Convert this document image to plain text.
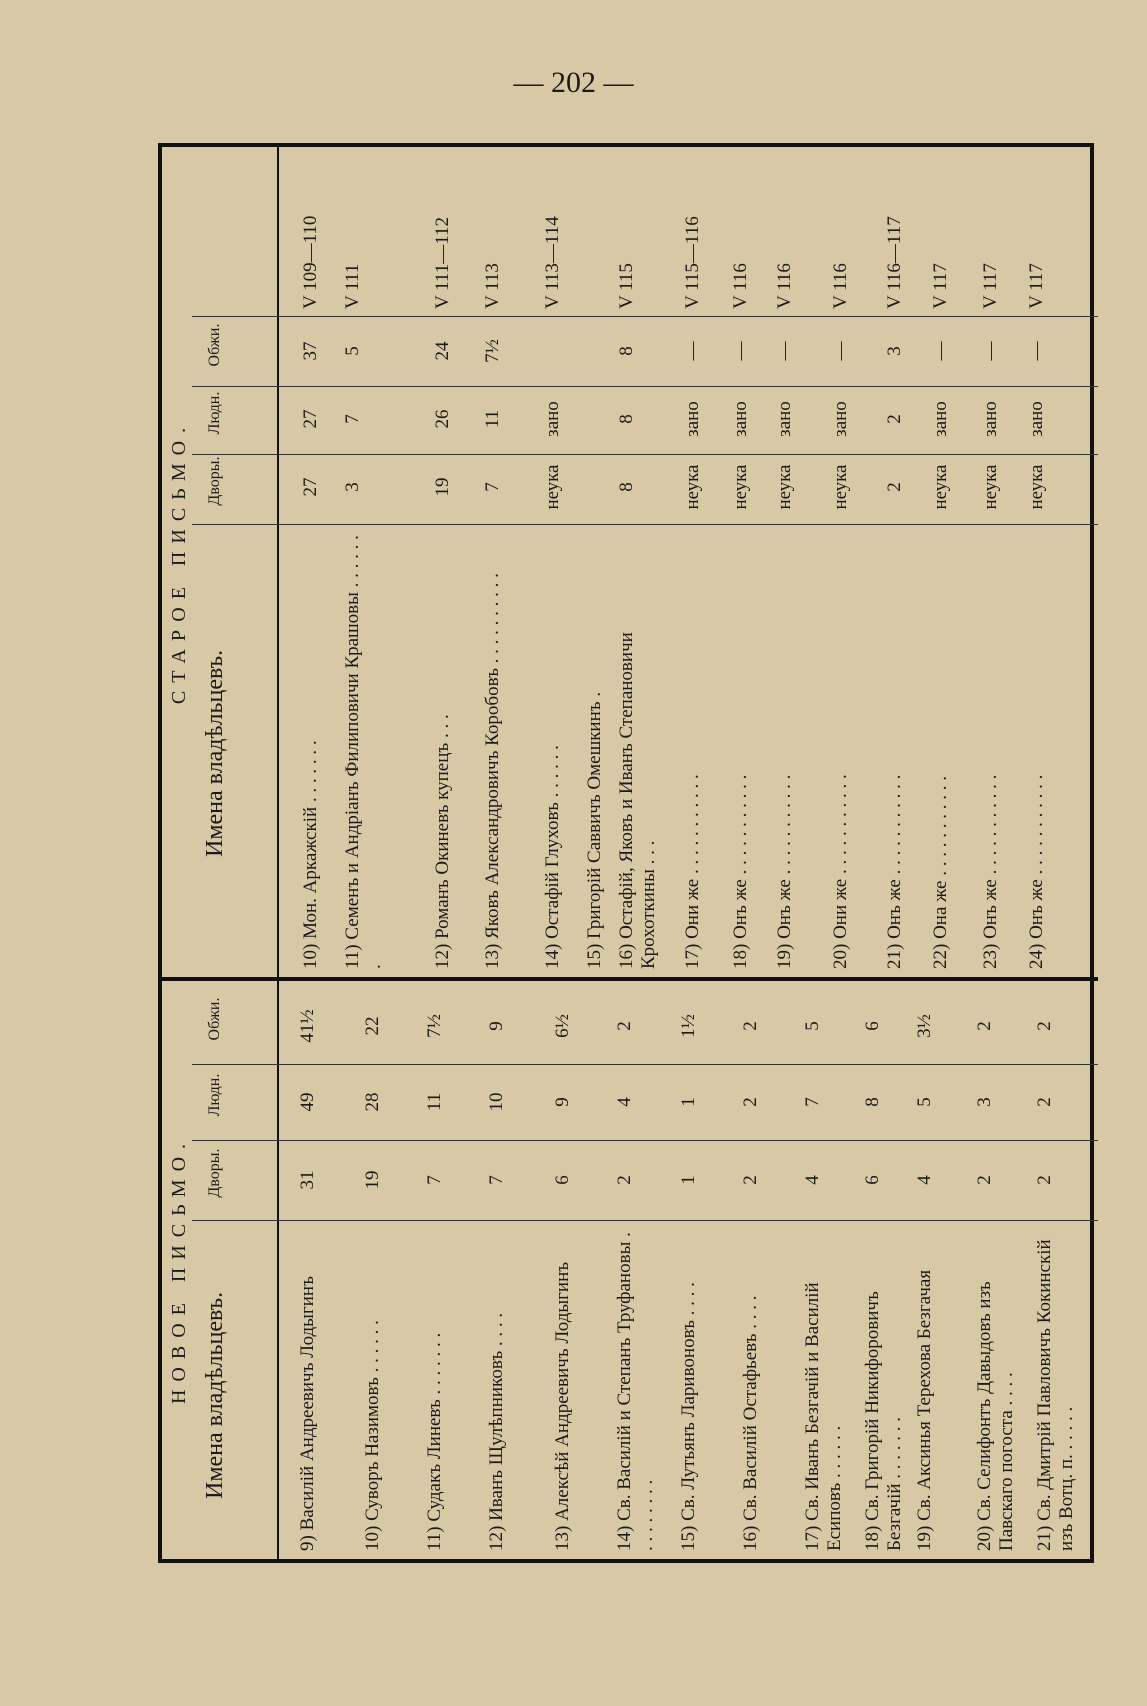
— 202 —
НОВОЕ ПИСЬМО. Имена владѣльцевъ.
Дворы.
Людн.
Обжи.
9) Василій Андреевичъ Лодыгинъ
31
49
41½
10) Суворъ Назимовъ . . . . . .
19
28
22
11) Судакъ Линевъ . . . . . . .
7
11
7½
12) Иванъ Щулѣпниковъ . . . .
7
10
9
13) Алексѣй Андреевичъ Лодыгинъ
6
9
6½
14) Св. Василій и Степанъ Труфановы . . . . . . . . .
2
4
2
15) Св. Лутьянъ Ларивоновъ . . . .
1
1
1½
16) Св. Василій Остафьевъ . . . .
2
2
2
17) Св. Иванъ Безгачій и Василій Есиповъ . . . . . .
4
7
5
18) Св. Григорій Никифоровичъ Безгачій . . . . . . .
6
8
6
19) Св. Аксинья Терехова Безгачая
4
5
3½
20) Св. Селифонтъ Давыдовъ изъ Павскаго погоста . . . .
2
3
2
21) Св. Дмитрій Павловичъ Кокинскій изъ Вотц. п. . . . . .
2
2
2
СТАРОЕ ПИСЬМО.
Имена владѣльцевъ.
Дворы.
Людн.
Обжи.
10) Мон. Аркажскій . . . . . . .
27
27
37
V 109—110
11) Семенъ и Андріанъ Филиповичи Крашовы . . . . . . .
3
7
5
V 111
12) Романъ Окиневъ купецъ . . .
19
26
24
V 111—112
13) Яковъ Александровичъ Коробовъ . . . . . . . . . .
7
11
7½
V 113
14) Остафій Глуховъ . . . . . .
неука
зано
V 113—114
15) Григорій Саввичъ Омешкинъ . 16) Остафій, Яковъ и Иванъ Степановичи Крохоткины . . .
8
8
8
V 115
17) Они же . . . . . . . . . . .
неука
зано
—
V 115—116
18) Онъ же . . . . . . . . . . .
неука
зано
—
V 116
19) Онъ же . . . . . . . . . . .
неука
зано
—
V 116
20) Они же . . . . . . . . . . .
неука
зано
—
V 116
21) Онъ же . . . . . . . . . . .
2
2
3
V 116—117
22) Она же . . . . . . . . . . .
неука
зано
—
V 117
23) Онъ же . . . . . . . . . . .
неука
зано
—
V 117
24) Онъ же . . . . . . . . . . .
неука
зано
—
V 117
